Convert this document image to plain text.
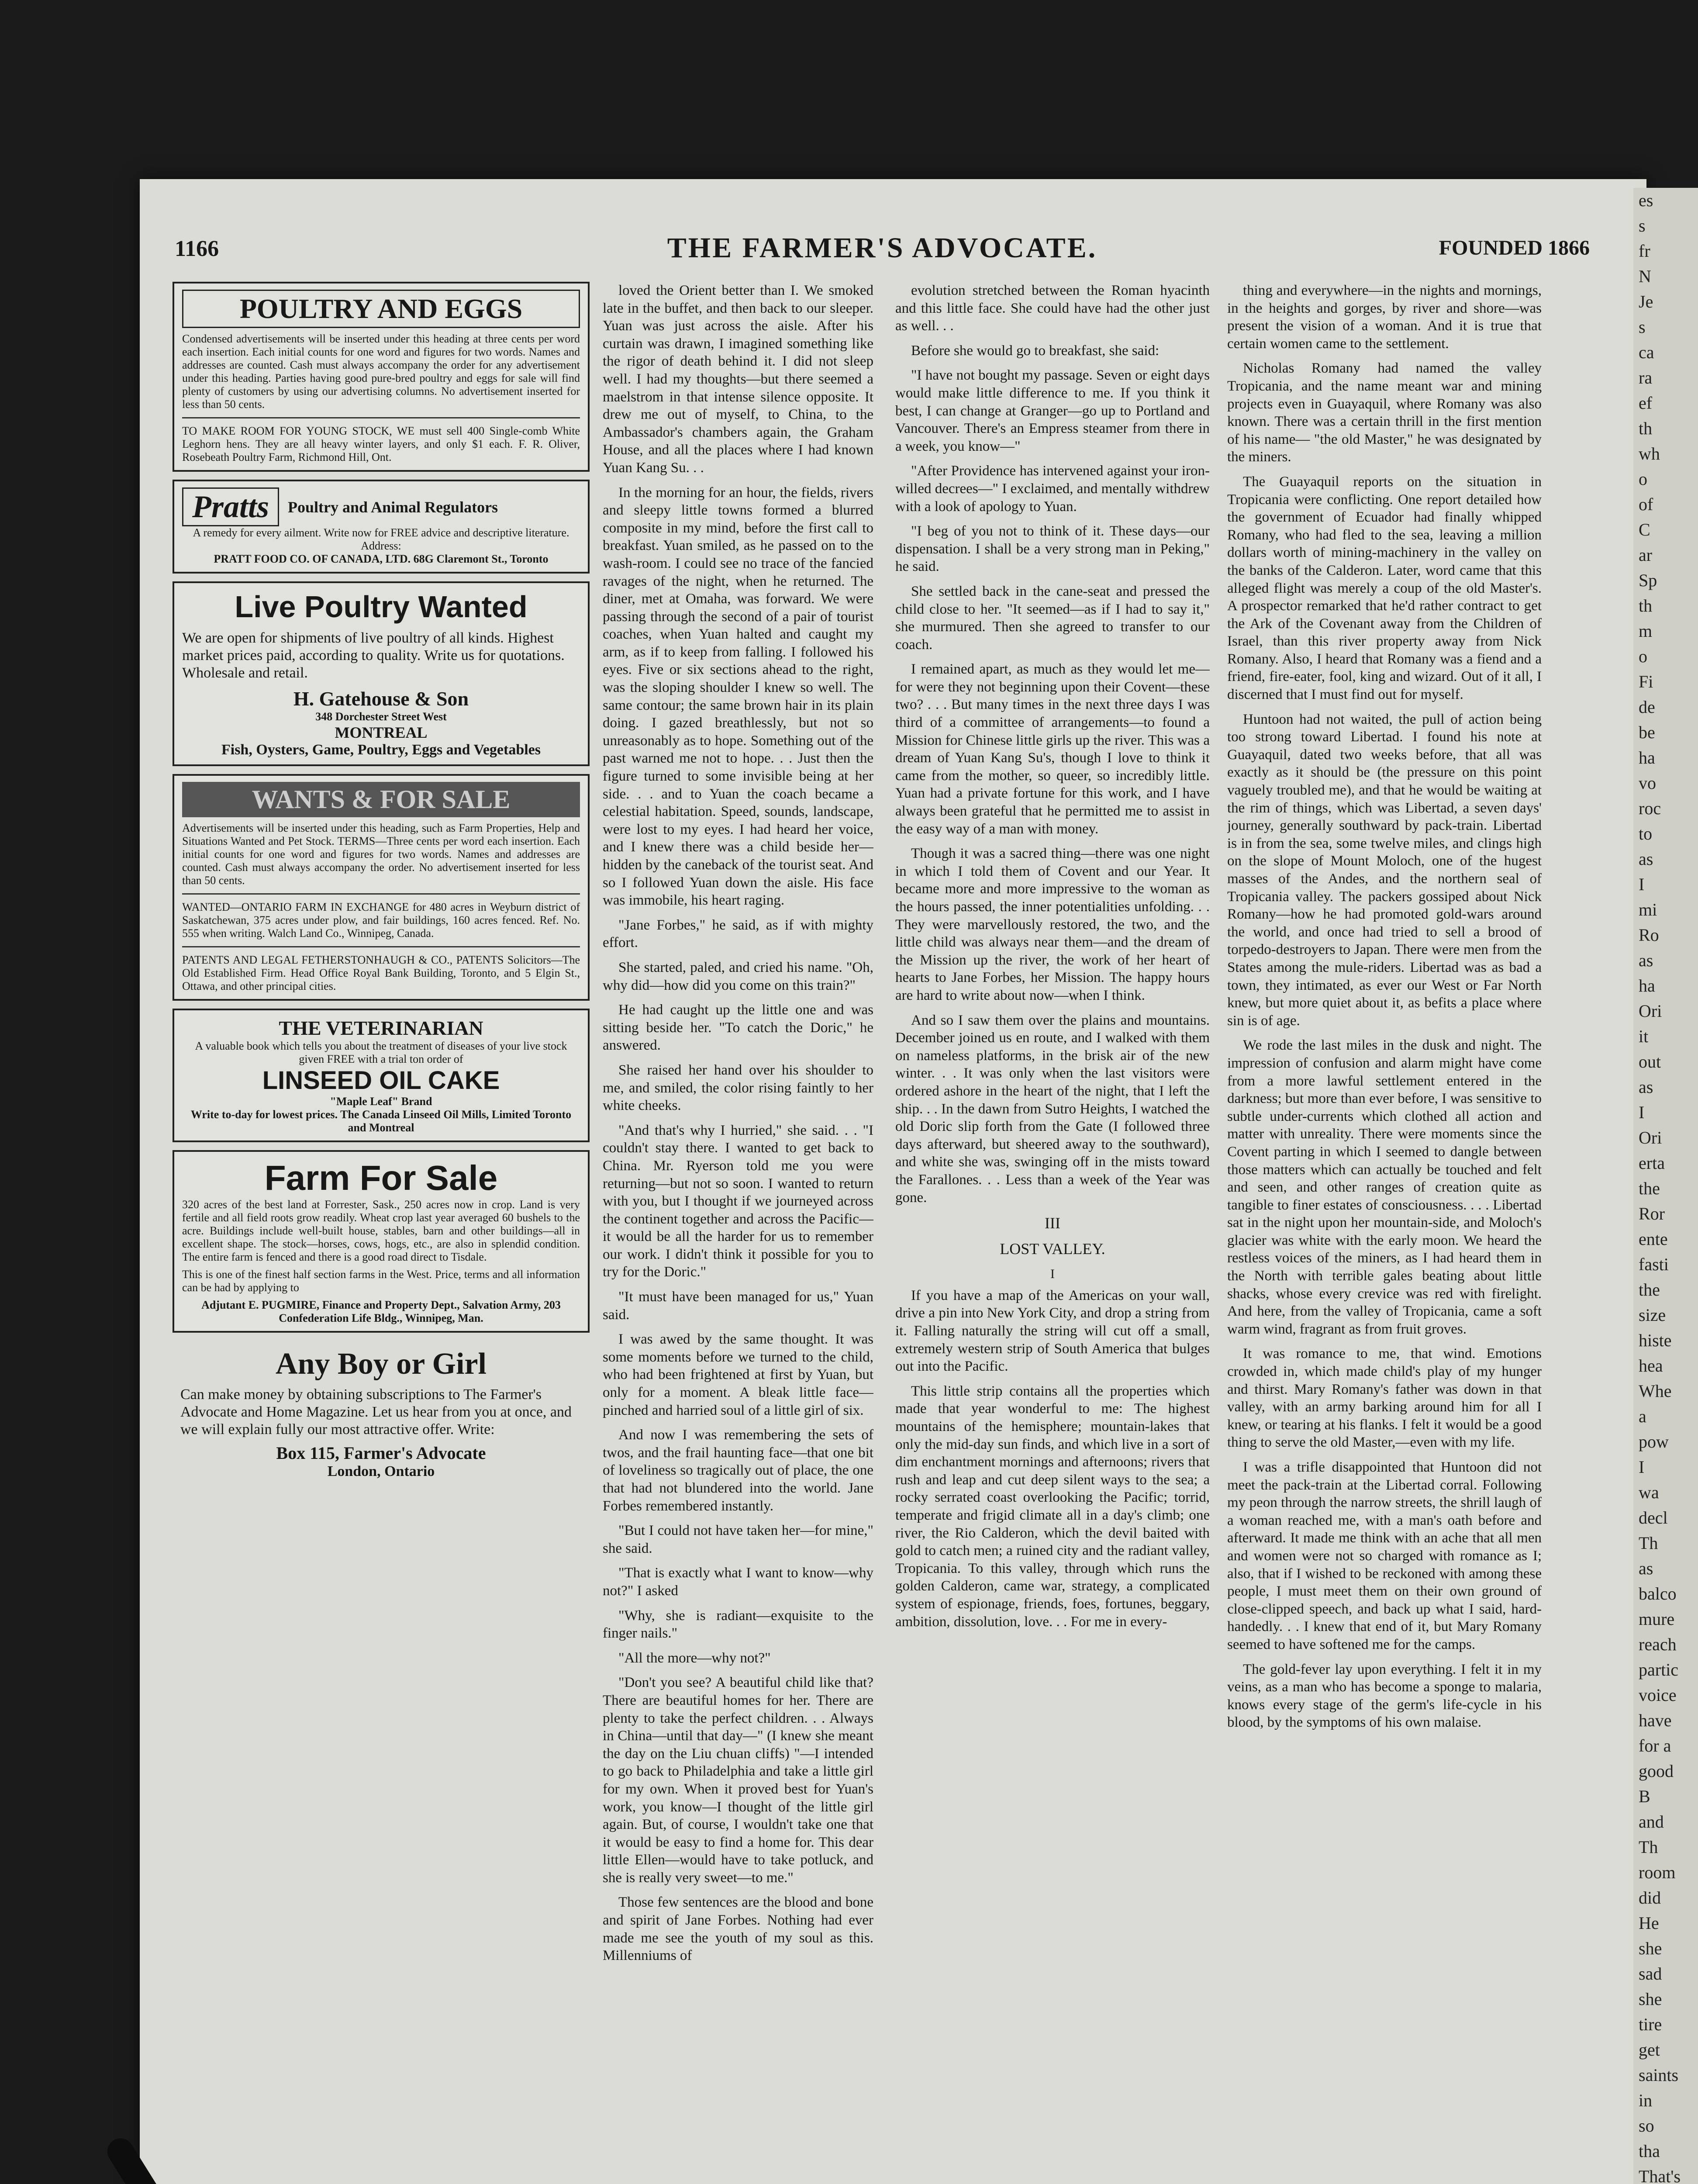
1166	THE FARMER'S ADVOCATE.	FOUNDED 1866
POULTRY AND EGGS
Condensed advertisements will be inserted under this heading at three cents per word each insertion. Each initial counts for one word and figures for two words. Names and addresses are counted. Cash must always accompany the order for any advertisement under this heading. Parties having good pure-bred poultry and eggs for sale will find plenty of customers by using our advertising columns. No advertisement inserted for less than 50 cents.
TO MAKE ROOM FOR YOUNG STOCK, WE must sell 400 Single-comb White Leghorn hens. They are all heavy winter layers, and only $1 each. F. R. Oliver, Rosebeath Poultry Farm, Richmond Hill, Ont.
Pratts	Poultry and Animal Regulators
A remedy for every ailment. Write now for FREE advice and descriptive literature. Address:
PRATT FOOD CO. OF CANADA, LTD. 68G Claremont St., Toronto
Live Poultry Wanted
We are open for shipments of live poultry of all kinds. Highest market prices paid, according to quality. Write us for quotations. Wholesale and retail.
H. Gatehouse & Son
348 Dorchester Street West
MONTREAL
Fish, Oysters, Game, Poultry, Eggs and Vegetables
WANTS & FOR SALE
Advertisements will be inserted under this heading, such as Farm Properties, Help and Situations Wanted and Pet Stock. TERMS—Three cents per word each insertion. Each initial counts for one word and figures for two words. Names and addresses are counted. Cash must always accompany the order. No advertisement inserted for less than 50 cents.
WANTED—ONTARIO FARM IN EXCHANGE for 480 acres in Weyburn district of Saskatchewan, 375 acres under plow, and fair buildings, 160 acres fenced. Ref. No. 555 when writing. Walch Land Co., Winnipeg, Canada.
PATENTS AND LEGAL FETHERSTONHAUGH & CO., PATENTS Solicitors—The Old Established Firm. Head Office Royal Bank Building, Toronto, and 5 Elgin St., Ottawa, and other principal cities.
THE VETERINARIAN
A valuable book which tells you about the treatment of diseases of your live stock given FREE with a trial ton order of
LINSEED OIL CAKE
"Maple Leaf" Brand
Write to-day for lowest prices. The Canada Linseed Oil Mills, Limited Toronto and Montreal
Farm For Sale
320 acres of the best land at Forrester, Sask., 250 acres now in crop. Land is very fertile and all field roots grow readily. Wheat crop last year averaged 60 bushels to the acre. Buildings include well-built house, stables, barn and other buildings—all in excellent shape. The stock—horses, cows, hogs, etc., are also in splendid condition. The entire farm is fenced and there is a good road direct to Tisdale.
This is one of the finest half section farms in the West. Price, terms and all information can be had by applying to
Adjutant E. PUGMIRE, Finance and Property Dept., Salvation Army, 203 Confederation Life Bldg., Winnipeg, Man.
Any Boy or Girl
Can make money by obtaining subscriptions to The Farmer's Advocate and Home Magazine. Let us hear from you at once, and we will explain fully our most attractive offer. Write:
Box 115, Farmer's Advocate
London, Ontario

loved the Orient better than I. We smoked late in the buffet, and then back to our sleeper. Yuan was just across the aisle. After his curtain was drawn, I imagined something like the rigor of death behind it. I did not sleep well. I had my thoughts—but there seemed a maelstrom in that intense silence opposite. It drew me out of myself, to China, to the Ambassador's chambers again, the Graham House, and all the places where I had known Yuan Kang Su. . .

In the morning for an hour, the fields, rivers and sleepy little towns formed a blurred composite in my mind, before the first call to breakfast. Yuan smiled, as he passed on to the wash-room. I could see no trace of the fancied ravages of the night, when he returned. The diner, met at Omaha, was forward. We were passing through the second of a pair of tourist coaches, when Yuan halted and caught my arm, as if to keep from falling. I followed his eyes. Five or six sections ahead to the right, was the sloping shoulder I knew so well. The same contour; the same brown hair in its plain doing. I gazed breathlessly, but not so unreasonably as to hope. Something out of the past warned me not to hope. . . Just then the figure turned to some invisible being at her side. . . and to Yuan the coach became a celestial habitation. Speed, sounds, landscape, were lost to my eyes. I had heard her voice, and I knew there was a child beside her—hidden by the caneback of the tourist seat. And so I followed Yuan down the aisle. His face was immobile, his heart raging.

"Jane Forbes," he said, as if with mighty effort.

She started, paled, and cried his name. "Oh, why did—how did you come on this train?"

He had caught up the little one and was sitting beside her. "To catch the Doric," he answered.

She raised her hand over his shoulder to me, and smiled, the color rising faintly to her white cheeks.

"And that's why I hurried," she said. . . "I couldn't stay there. I wanted to get back to China. Mr. Ryerson told me you were returning—but not so soon. I wanted to return with you, but I thought if we journeyed across the continent together and across the Pacific—it would be all the harder for us to remember our work. I didn't think it possible for you to try for the Doric."

"It must have been managed for us," Yuan said.

I was awed by the same thought. It was some moments before we turned to the child, who had been frightened at first by Yuan, but only for a moment. A bleak little face—pinched and harried soul of a little girl of six.

And now I was remembering the sets of twos, and the frail haunting face—that one bit of loveliness so tragically out of place, the one that had not blundered into the world. Jane Forbes remembered instantly.

"But I could not have taken her—for mine," she said.

"That is exactly what I want to know—why not?" I asked

"Why, she is radiant—exquisite to the finger nails."

"All the more—why not?"

"Don't you see? A beautiful child like that? There are beautiful homes for her. There are plenty to take the perfect children. . . Always in China—until that day—" (I knew she meant the day on the Liu chuan cliffs) "—I intended to go back to Philadelphia and take a little girl for my own. When it proved best for Yuan's work, you know—I thought of the little girl again. But, of course, I wouldn't take one that it would be easy to find a home for. This dear little Ellen—would have to take potluck, and she is really very sweet—to me."

Those few sentences are the blood and bone and spirit of Jane Forbes. Nothing had ever made me see the youth of my soul as this. Millenniums of

evolution stretched between the Roman hyacinth and this little face. She could have had the other just as well. . .

Before she would go to breakfast, she said:

"I have not bought my passage. Seven or eight days would make little difference to me. If you think it best, I can change at Granger—go up to Portland and Vancouver. There's an Empress steamer from there in a week, you know—"

"After Providence has intervened against your iron-willed decrees—" I exclaimed, and mentally withdrew with a look of apology to Yuan.

"I beg of you not to think of it. These days—our dispensation. I shall be a very strong man in Peking," he said.

She settled back in the cane-seat and pressed the child close to her. "It seemed—as if I had to say it," she murmured. Then she agreed to transfer to our coach.

I remained apart, as much as they would let me—for were they not beginning upon their Covent—these two? . . . But many times in the next three days I was third of a committee of arrangements—to found a Mission for Chinese little girls up the river. This was a dream of Yuan Kang Su's, though I love to think it came from the mother, so queer, so incredibly little. Yuan had a private fortune for this work, and I have always been grateful that he permitted me to assist in the easy way of a man with money.

Though it was a sacred thing—there was one night in which I told them of Covent and our Year. It became more and more impressive to the woman as the hours passed, the inner potentialities unfolding. . . They were marvellously restored, the two, and the little child was always near them—and the dream of the Mission up the river, the work of her heart of hearts to Jane Forbes, her Mission. The happy hours are hard to write about now—when I think.

And so I saw them over the plains and mountains. December joined us en route, and I walked with them on nameless platforms, in the brisk air of the new winter. . . It was only when the last visitors were ordered ashore in the heart of the night, that I left the ship. . . In the dawn from Sutro Heights, I watched the old Doric slip forth from the Gate (I followed three days afterward, but sheered away to the southward), and white she was, swinging off in the mists toward the Farallones. . . Less than a week of the Year was gone.

III
LOST VALLEY.
I

If you have a map of the Americas on your wall, drive a pin into New York City, and drop a string from it. Falling naturally the string will cut off a small, extremely western strip of South America that bulges out into the Pacific.

This little strip contains all the properties which made that year wonderful to me: The highest mountains of the hemisphere; mountain-lakes that only the mid-day sun finds, and which live in a sort of dim enchantment mornings and afternoons; rivers that rush and leap and cut deep silent ways to the sea; a rocky serrated coast overlooking the Pacific; torrid, temperate and frigid climate all in a day's climb; one river, the Rio Calderon, which the devil baited with gold to catch men; a ruined city and the radiant valley, Tropicania. To this valley, through which runs the golden Calderon, came war, strategy, a complicated system of espionage, friends, foes, fortunes, beggary, ambition, dissolution, love. . . For me in every-

thing and everywhere—in the nights and mornings, in the heights and gorges, by river and shore—was present the vision of a woman. And it is true that certain women came to the settlement.

Nicholas Romany had named the valley Tropicania, and the name meant war and mining projects even in Guayaquil, where Romany was also known. There was a certain thrill in the first mention of his name— "the old Master," he was designated by the miners.

The Guayaquil reports on the situation in Tropicania were conflicting. One report detailed how the government of Ecuador had finally whipped Romany, who had fled to the sea, leaving a million dollars worth of mining-machinery in the valley on the banks of the Calderon. Later, word came that this alleged flight was merely a coup of the old Master's. A prospector remarked that he'd rather contract to get the Ark of the Covenant away from the Children of Israel, than this river property away from Nick Romany. Also, I heard that Romany was a fiend and a friend, fire-eater, fool, king and wizard. Out of it all, I discerned that I must find out for myself.

Huntoon had not waited, the pull of action being too strong toward Libertad. I found his note at Guayaquil, dated two weeks before, that all was exactly as it should be (the pressure on this point vaguely troubled me), and that he would be waiting at the rim of things, which was Libertad, a seven days' journey, generally southward by pack-train. Libertad is in from the sea, some twelve miles, and clings high on the slope of Mount Moloch, one of the hugest masses of the Andes, and the northern seal of Tropicania valley. The packers gossiped about Nick Romany—how he had promoted gold-wars around the world, and once had tried to sell a brood of torpedo-destroyers to Japan. There were men from the States among the mule-riders. Libertad was as bad a town, they intimated, as ever our West or Far North knew, but more quiet about it, as befits a place where sin is of age.

We rode the last miles in the dusk and night. The impression of confusion and alarm might have come from a more lawful settlement entered in the darkness; but more than ever before, I was sensitive to subtle under-currents which clothed all action and matter with unreality. There were moments since the Covent parting in which I seemed to dangle between those matters which can actually be touched and felt and seen, and other ranges of creation quite as tangible to finer estates of consciousness. . . . Libertad sat in the night upon her mountain-side, and Moloch's glacier was white with the early moon. We heard the restless voices of the miners, as I had heard them in the North with terrible gales beating about little shacks, whose every crevice was red with firelight. And here, from the valley of Tropicania, came a soft warm wind, fragrant as from fruit groves.

It was romance to me, that wind. Emotions crowded in, which made child's play of my hunger and thirst. Mary Romany's father was down in that valley, with an army barking around him for all I knew, or tearing at his flanks. I felt it would be a good thing to serve the old Master,—even with my life.

I was a trifle disappointed that Huntoon did not meet the pack-train at the Libertad corral. Following my peon through the narrow streets, the shrill laugh of a woman reached me, with a man's oath before and afterward. It made me think with an ache that all men and women were not so charged with romance as I; also, that if I wished to be reckoned with among these people, I must meet them on their own ground of close-clipped speech, and back up what I said, hard-handedly. . . I knew that end of it, but Mary Romany seemed to have softened me for the camps.

The gold-fever lay upon everything. I felt it in my veins, as a man who has become a sponge to malaria, knows every stage of the germ's life-cycle in his blood, by the symptoms of his own malaise.

es
s
fr
N
Je
s
ca
ra
ef
th
wh
o
of
C
ar
Sp
th
m
o
Fi
de
be
ha
vo
roc
to
as
I
mi
Ro
as
ha
Ori
it
out
as
I
Ori
erta
the
Ror
ente
fasti
the
size
histe
hea
Whe
a
pow
I
wa
decl
Th
as
balco
mure
reach
partic
voice
have
for a
good
B
and
Th
room
did
He
she
sad
she
tire
get
saints
in
so
tha
That's
